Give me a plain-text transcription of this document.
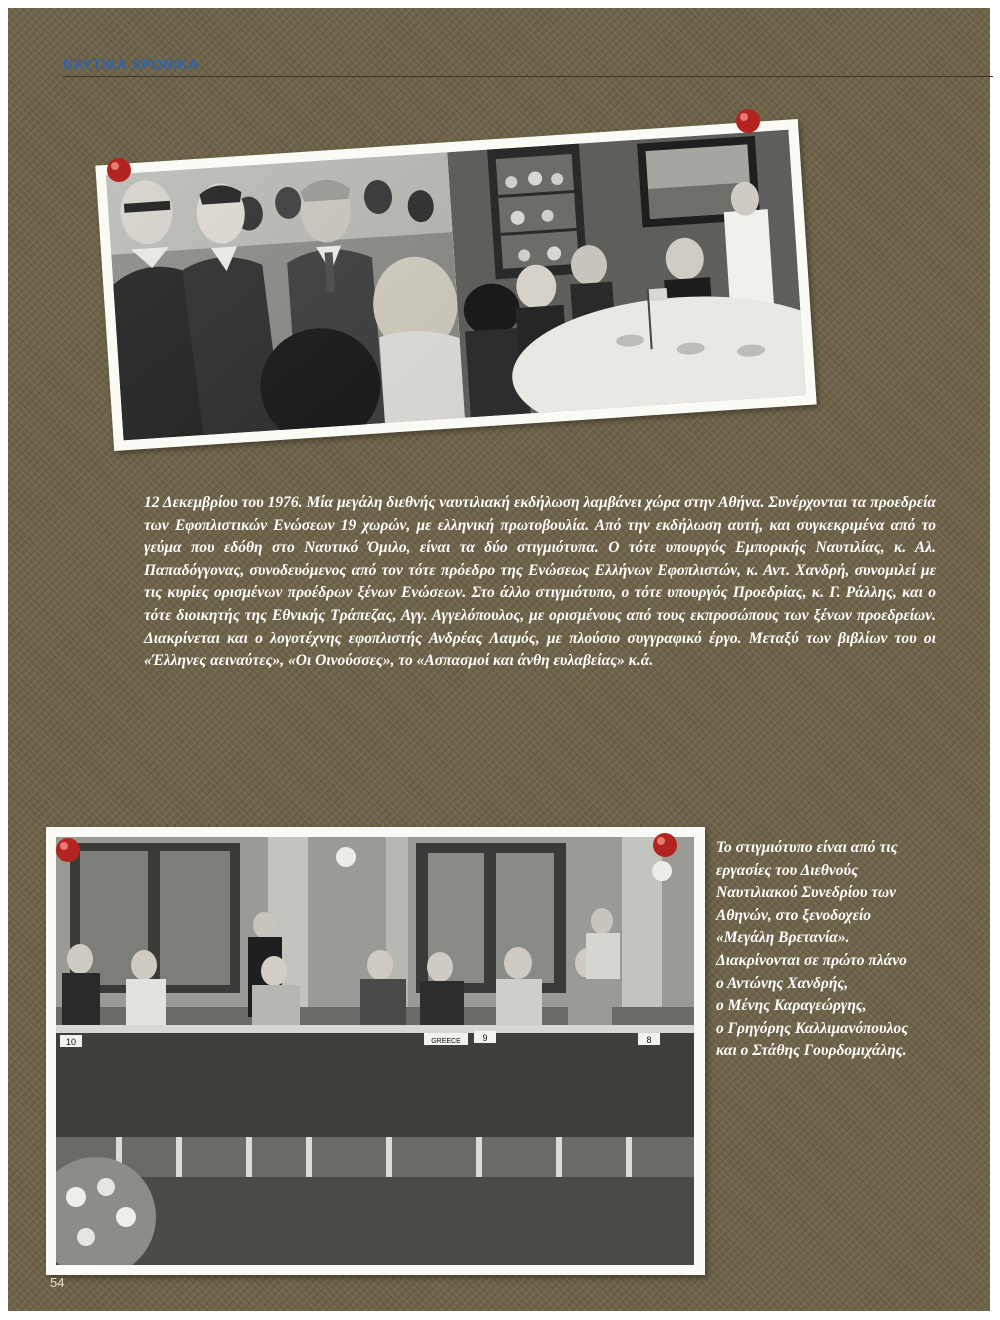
ΝΑΥΤΙΚΑ ΧΡΟΝΙΚΑ
10	GREECE 9	8

12 Δεκεμβρίου του 1976. Μία μεγάλη διεθνής ναυτιλιακή εκδήλωση λαμβάνει χώρα στην Αθήνα. Συνέρχονται τα προεδρεία των Εφοπλιστικών Ενώσεων 19 χωρών, με ελληνική πρωτοβουλία. Από την εκδήλωση αυτή, και συγκεκριμένα από το γεύμα που εδόθη στο Ναυτικό Όμιλο, είναι τα δύο στιγμιότυπα. Ο τότε υπουργός Εμπορικής Ναυτιλίας, κ. Αλ. Παπαδόγγονας, συνοδευόμενος από τον τότε πρόεδρο της Ενώσεως Ελλήνων Εφοπλιστών, κ. Αντ. Χανδρή, συνομιλεί με τις κυρίες ορισμένων προέδρων ξένων Ενώσεων. Στο άλλο στιγμιότυπο, ο τότε υπουργός Προεδρίας, κ. Γ. Ράλλης, και ο τότε διοικητής της Εθνικής Τράπεζας, Αγγ. Αγγελόπουλος, με ορισμένους από τους εκπροσώπους των ξένων προεδρείων. Διακρίνεται και ο λογοτέχνης εφοπλιστής Ανδρέας Λαιμός, με πλούσιο συγγραφικό έργο. Μεταξύ των βιβλίων του οι «Έλληνες αειναύτες», «Οι Οινούσσες», το «Ασπασμοί και άνθη ευλαβείας» κ.ά.

Το στιγμιότυπο είναι από τις
εργασίες του Διεθνούς
Ναυτιλιακού Συνεδρίου των
Αθηνών, στο ξενοδοχείο
«Μεγάλη Βρετανία».
Διακρίνονται σε πρώτο πλάνο
ο Αντώνης Χανδρής,
ο Μένης Καραγεώργης,
ο Γρηγόρης Καλλιμανόπουλος
και ο Στάθης Γουρδομιχάλης.

54
